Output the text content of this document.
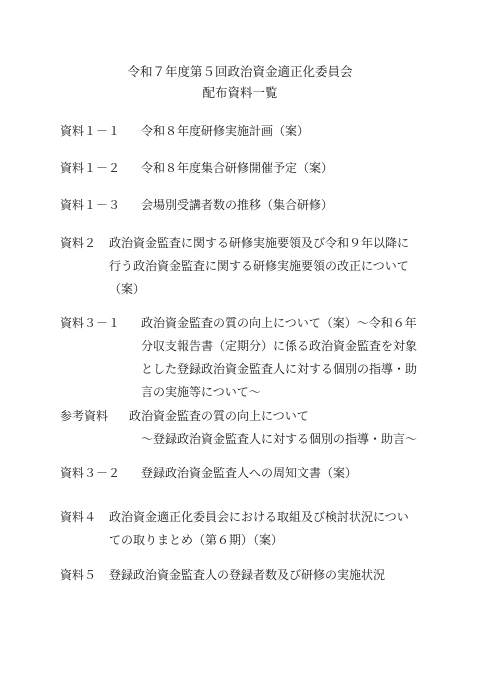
令和７年度第５回政治資金適正化委員会
配布資料一覧
資料１－１	令和８年度研修実施計画（案）
資料１－２	令和８年度集合研修開催予定（案）
資料１－３	会場別受講者数の推移（集合研修）
資料２	政治資金監査に関する研修実施要領及び令和９年以降に
行う政治資金監査に関する研修実施要領の改正について
（案）
資料３－１	政治資金監査の質の向上について（案）～令和６年
分収支報告書（定期分）に係る政治資金監査を対象
とした登録政治資金監査人に対する個別の指導・助
言の実施等について～
参考資料	政治資金監査の質の向上について
～登録政治資金監査人に対する個別の指導・助言～
資料３－２	登録政治資金監査人への周知文書（案）
資料４	政治資金適正化委員会における取組及び検討状況につい
ての取りまとめ（第６期）（案）
資料５	登録政治資金監査人の登録者数及び研修の実施状況
